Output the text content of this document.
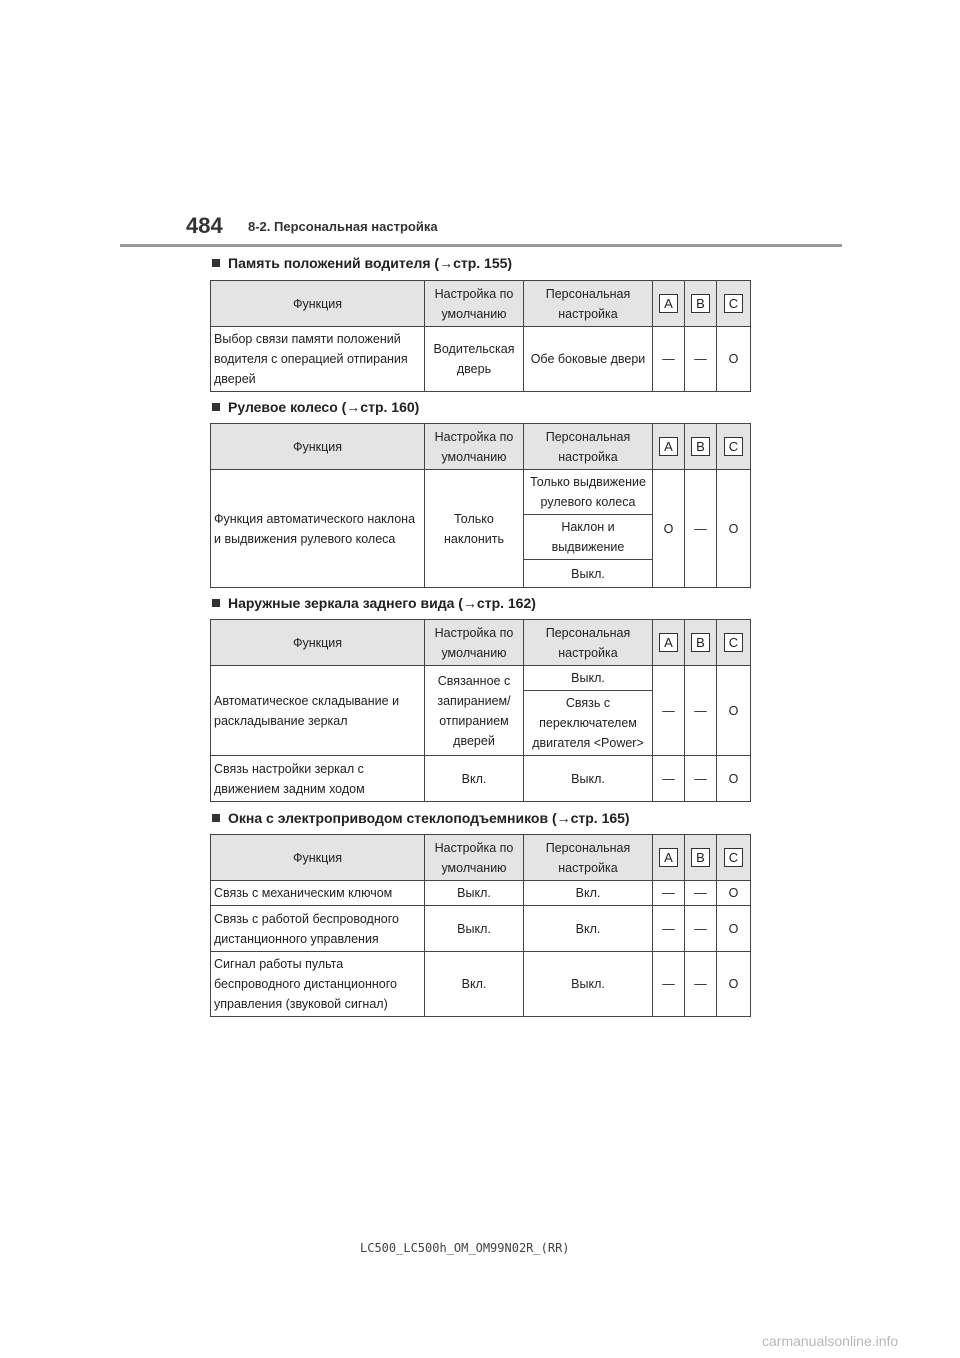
484 8-2. Персональная настройка
Память положений водителя (→стр. 155)
Функция	Настройка по умолчанию	Персональная настройка	A	B	C
Выбор связи памяти положений водителя с операцией отпирания дверей	Водительская дверь	Обе боковые двери	—	—	O
Рулевое колесо (→стр. 160)
Функция	Настройка по умолчанию	Персональная настройка	A	B	C
Функция автоматического наклона и выдвижения рулевого колеса	Только наклонить	Только выдвижение рулевого колеса	O	—	O
		Наклон и выдвижение			
		Выкл.			
Наружные зеркала заднего вида (→стр. 162)
Функция	Настройка по умолчанию	Персональная настройка	A	B	C
Автоматическое складывание и раскладывание зеркал	Связанное с запиранием/ отпиранием дверей	Выкл.	—	—	O
		Связь с переключателем двигателя <Power>			
Связь настройки зеркал с движением задним ходом	Вкл.	Выкл.	—	—	O
Окна с электроприводом стеклоподъемников (→стр. 165)
Функция	Настройка по умолчанию	Персональная настройка	A	B	C
Связь с механическим ключом	Выкл.	Вкл.	—	—	O
Связь с работой беспроводного дистанционного управления	Выкл.	Вкл.	—	—	O
Сигнал работы пульта беспроводного дистанционного управления (звуковой сигнал)	Вкл.	Выкл.	—	—	O
LC500_LC500h_OM_OM99N02R_(RR)
carmanualsonline.info
